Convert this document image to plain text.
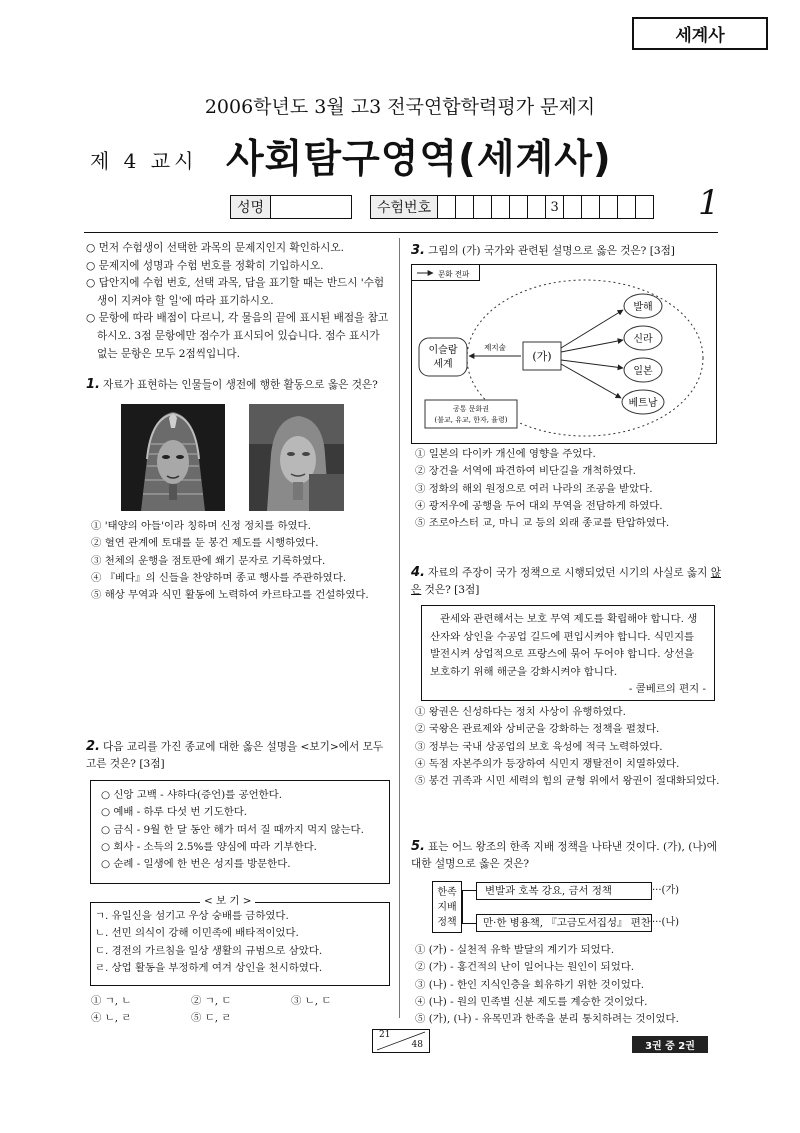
세계사
2006학년도 3월 고3 전국연합학력평가 문제지
제 4 교시 사회탐구영역(세계사)
성명	수험번호	3	1

○ 먼저 수험생이 선택한 과목의 문제지인지 확인하시오.

○ 문제지에 성명과 수험 번호를 정확히 기입하시오.

○ 답안지에 수험 번호, 선택 과목, 답을 표기할 때는 반드시 '수험생이 지켜야 할 일'에 따라 표기하시오.

○ 문항에 따라 배점이 다르니, 각 물음의 끝에 표시된 배점을 참고하시오. 3점 문항에만 점수가 표시되어 있습니다. 점수 표시가 없는 문항은 모두 2점씩입니다.

1. 자료가 표현하는 인물들이 생전에 행한 활동으로 옳은 것은?

① '태양의 아들'이라 칭하며 신정 정치를 하였다.

② 혈연 관계에 토대를 둔 봉건 제도를 시행하였다.

③ 천체의 운행을 점토판에 쐐기 문자로 기록하였다.

④ 『베다』의 신들을 찬양하며 종교 행사를 주관하였다.

⑤ 해상 무역과 식민 활동에 노력하여 카르타고를 건설하였다.

2. 다음 교리를 가진 종교에 대한 옳은 설명을 <보기>에서 모두 고른 것은? [3점]

○ 신앙 고백 - 샤하다(증언)를 공언한다.

○ 예배 - 하루 다섯 번 기도한다.

○ 금식 - 9월 한 달 동안 해가 떠서 질 때까지 먹지 않는다.

○ 회사 - 소득의 2.5%를 양심에 따라 기부한다.

○ 순례 - 일생에 한 번은 성지를 방문한다.

ㄱ. 유일신을 섬기고 우상 숭배를 금하였다.

ㄴ. 선민 의식이 강해 이민족에 배타적이었다.

ㄷ. 경전의 가르침을 일상 생활의 규범으로 삼았다.

ㄹ. 상업 활동을 부정하게 여겨 상인을 천시하였다.

< 보 기 >

① ㄱ, ㄴ	② ㄱ, ㄷ	③ ㄴ, ㄷ

④ ㄴ, ㄹ	⑤ ㄷ, ㄹ

3. 그림의 (가) 국가와 관련된 설명으로 옳은 것은? [3점]
문화 전파
(가)
이슬람
세계
제지술
발해
신라
일본
베트남
공통 문화권
(불교, 유교, 한자, 율령)

① 일본의 다이카 개신에 영향을 주었다.

② 장건을 서역에 파견하여 비단길을 개척하였다.

③ 정화의 해외 원정으로 여러 나라의 조공을 받았다.

④ 광저우에 공행을 두어 대외 무역을 전담하게 하였다.

⑤ 조로아스터 교, 마니 교 등의 외래 종교를 탄압하였다.

4. 자료의 주장이 국가 정책으로 시행되었던 시기의 사실로 옳지 않은 것은? [3점]
관세와 관련해서는 보호 무역 제도를 확립해야 합니다. 생산자와 상인을 수공업 길드에 편입시켜야 합니다. 식민지를 발전시켜 상업적으로 프랑스에 묶어 두어야 합니다. 상선을 보호하기 위해 해군을 강화시켜야 합니다.
- 콜베르의 편지 -

① 왕권은 신성하다는 정치 사상이 유행하였다.

② 국왕은 관료제와 상비군을 강화하는 정책을 펼쳤다.

③ 정부는 국내 상공업의 보호 육성에 적극 노력하였다.

④ 독점 자본주의가 등장하여 식민지 쟁탈전이 치열하였다.

⑤ 봉건 귀족과 시민 세력의 힘의 균형 위에서 왕권이 절대화되었다.

5. 표는 어느 왕조의 한족 지배 정책을 나타낸 것이다. (가), (나)에 대한 설명으로 옳은 것은?
한족 지배 정책
변발과 호복 강요, 금서 정책
만·한 병용책, 『고금도서집성』 편찬
···(가)
···(나)

① (가) - 실천적 유학 발달의 계기가 되었다.

② (가) - 홍건적의 난이 일어나는 원인이 되었다.

③ (나) - 한인 지식인층을 회유하기 위한 것이었다.

④ (나) - 원의 민족별 신분 제도를 계승한 것이었다.

⑤ (가), (나) - 유목민과 한족을 분리 통치하려는 것이었다.

21
48	3권 중 2권
